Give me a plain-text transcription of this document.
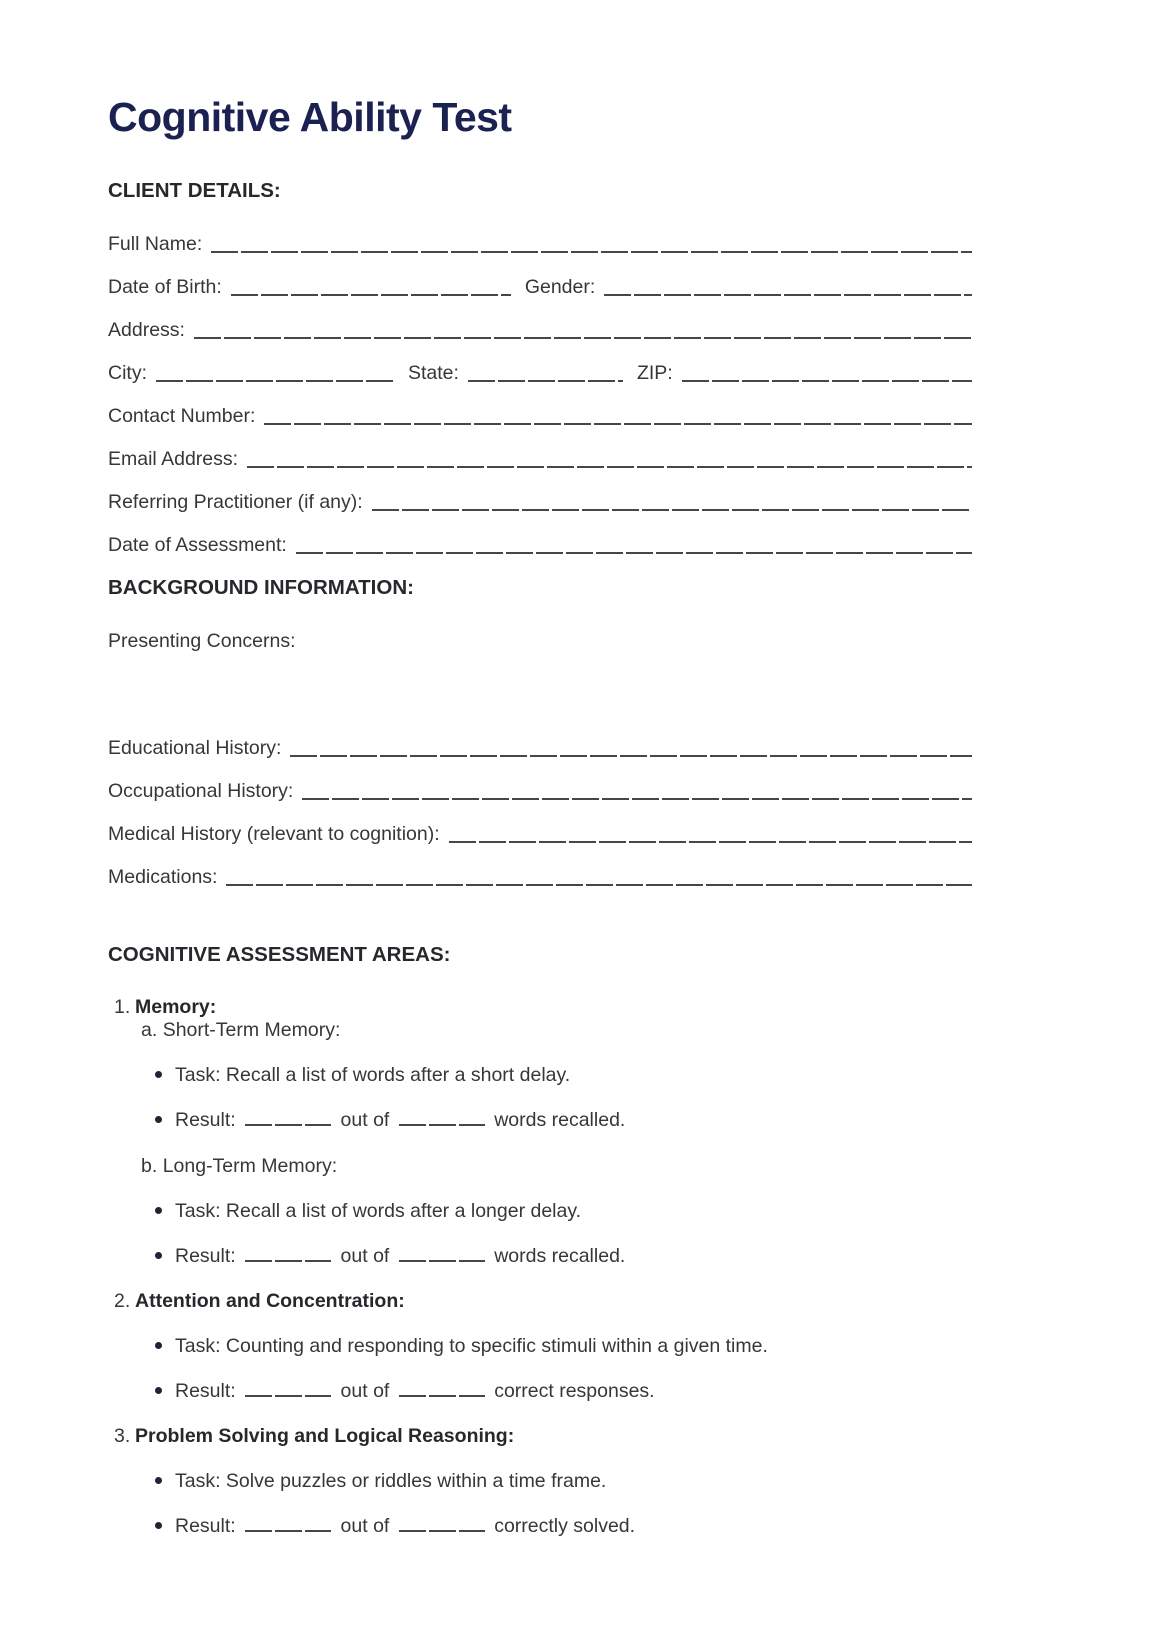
Cognitive Ability Test
CLIENT DETAILS:
Full Name:
Date of Birth:	Gender:
Address:
City:	State:	ZIP:
Contact Number:
Email Address:
Referring Practitioner (if any):
Date of Assessment:
BACKGROUND INFORMATION:
Presenting Concerns:
Educational History:
Occupational History:
Medical History (relevant to cognition):
Medications:
COGNITIVE ASSESSMENT AREAS:
1. Memory:
a. Short-Term Memory:
Task: Recall a list of words after a short delay.
Result:	out of	words recalled.
b. Long-Term Memory:
Task: Recall a list of words after a longer delay.
Result:	out of	words recalled.
2. Attention and Concentration:
Task: Counting and responding to specific stimuli within a given time.
Result:	out of	correct responses.
3. Problem Solving and Logical Reasoning:
Task: Solve puzzles or riddles within a time frame.
Result:	out of	correctly solved.
